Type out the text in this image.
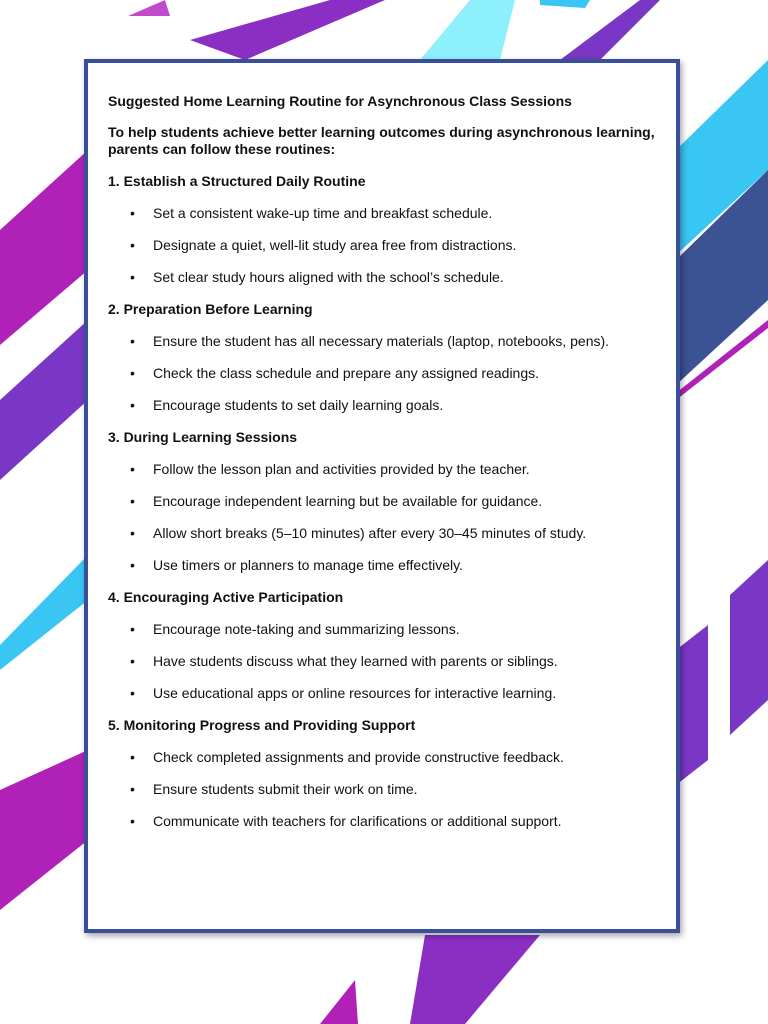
Suggested Home Learning Routine for Asynchronous Class Sessions

To help students achieve better learning outcomes during asynchronous learning, parents can follow these routines:

1. Establish a Structured Daily Routine

• Set a consistent wake-up time and breakfast schedule.
• Designate a quiet, well-lit study area free from distractions.
• Set clear study hours aligned with the school’s schedule.

2. Preparation Before Learning

• Ensure the student has all necessary materials (laptop, notebooks, pens).
• Check the class schedule and prepare any assigned readings.
• Encourage students to set daily learning goals.

3. During Learning Sessions

• Follow the lesson plan and activities provided by the teacher.
• Encourage independent learning but be available for guidance.
• Allow short breaks (5–10 minutes) after every 30–45 minutes of study.
• Use timers or planners to manage time effectively.

4. Encouraging Active Participation

• Encourage note-taking and summarizing lessons.
• Have students discuss what they learned with parents or siblings.
• Use educational apps or online resources for interactive learning.

5. Monitoring Progress and Providing Support

• Check completed assignments and provide constructive feedback.
• Ensure students submit their work on time.
• Communicate with teachers for clarifications or additional support.
